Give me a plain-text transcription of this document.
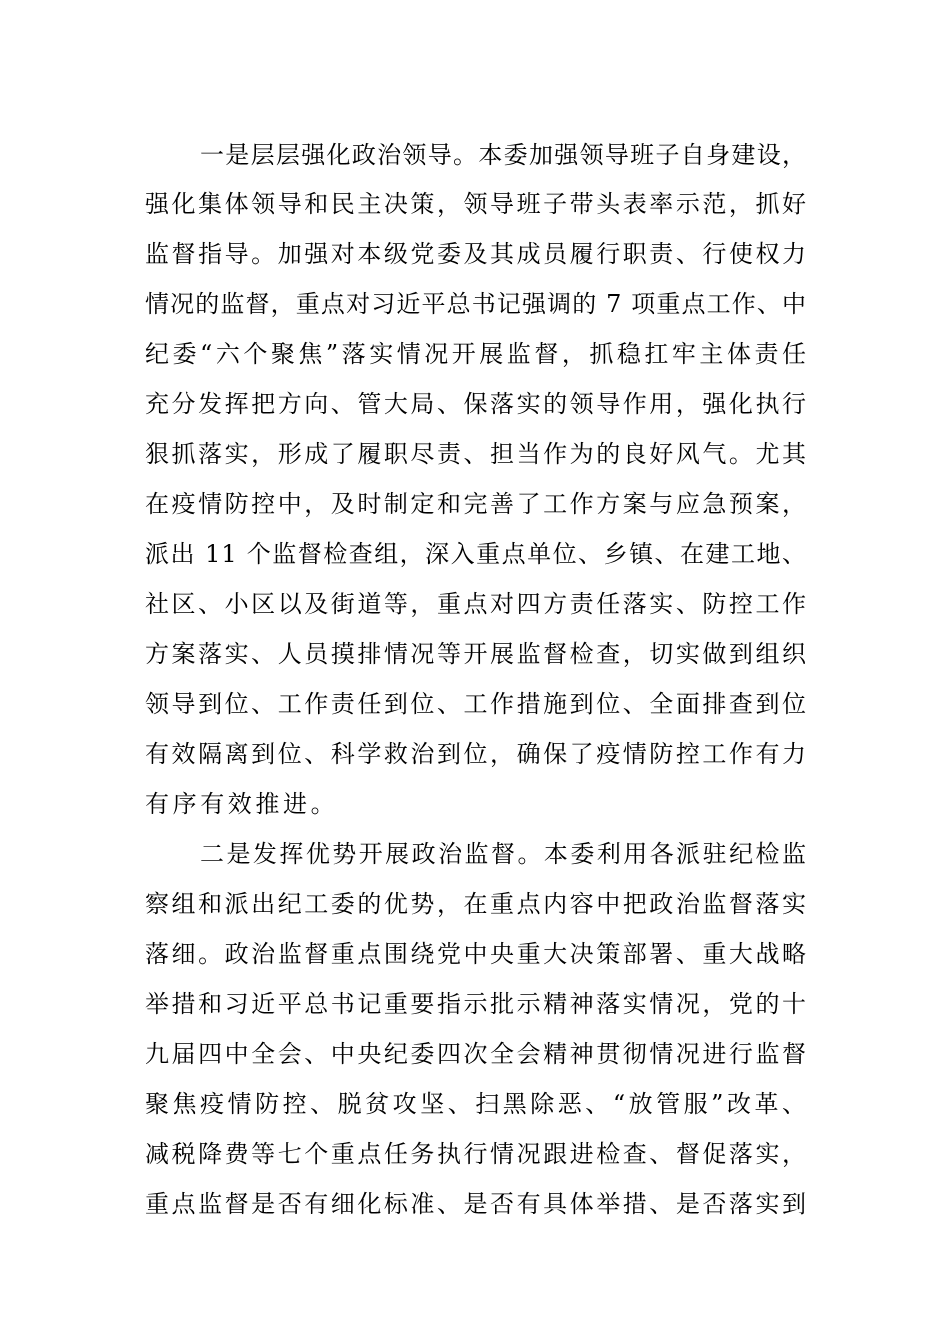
一是层层强化政治领导。本委加强领导班子自身建设，
强化集体领导和民主决策，领导班子带头表率示范，抓好
监督指导。加强对本级党委及其成员履行职责、行使权力
情况的监督，重点对习近平总书记强调的 7 项重点工作、中
纪委“六个聚焦”落实情况开展监督，抓稳扛牢主体责任
充分发挥把方向、管大局、保落实的领导作用，强化执行
狠抓落实，形成了履职尽责、担当作为的良好风气。尤其
在疫情防控中，及时制定和完善了工作方案与应急预案，
派出 11 个监督检查组，深入重点单位、乡镇、在建工地、
社区、小区以及街道等，重点对四方责任落实、防控工作
方案落实、人员摸排情况等开展监督检查，切实做到组织
领导到位、工作责任到位、工作措施到位、全面排查到位
有效隔离到位、科学救治到位，确保了疫情防控工作有力
有序有效推进。
二是发挥优势开展政治监督。本委利用各派驻纪检监
察组和派出纪工委的优势，在重点内容中把政治监督落实
落细。政治监督重点围绕党中央重大决策部署、重大战略
举措和习近平总书记重要指示批示精神落实情况，党的十
九届四中全会、中央纪委四次全会精神贯彻情况进行监督
聚焦疫情防控、脱贫攻坚、扫黑除恶、“放管服”改革、
减税降费等七个重点任务执行情况跟进检查、督促落实，
重点监督是否有细化标准、是否有具体举措、是否落实到
